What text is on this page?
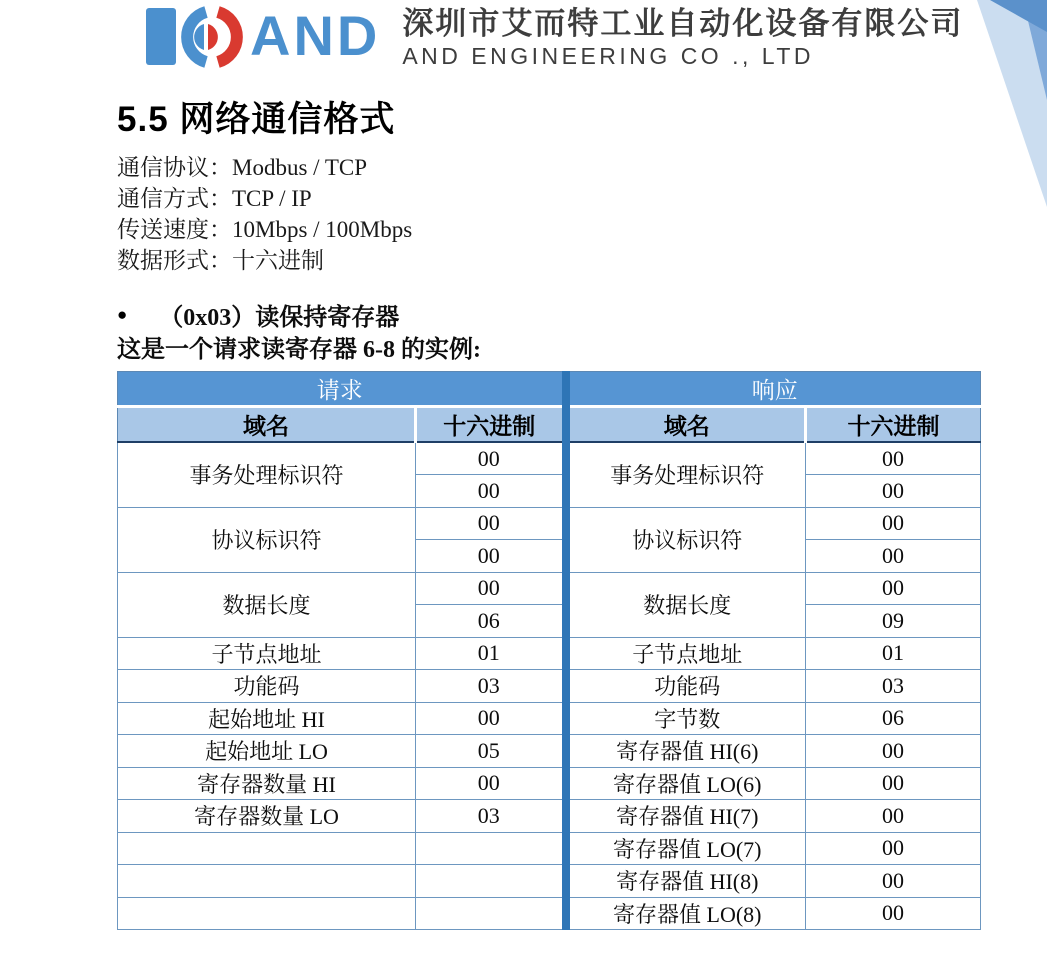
AND 深圳市艾而特工业自动化设备有限公司
AND ENGINEERING CO ., LTD
5.5 网络通信格式
通信协议：Modbus / TCP
通信方式：TCP / IP
传送速度：10Mbps / 100Mbps
数据形式：十六进制
● （0x03）读保持寄存器
这是一个请求读寄存器 6-8 的实例:
请求		响应	
域名	十六进制	域名	十六进制
事务处理标识符	00	事务处理标识符	00
	00		00
协议标识符	00	协议标识符	00
	00		00
数据长度	00	数据长度	00
	06		09
子节点地址	01	子节点地址	01
功能码	03	功能码	03
起始地址 HI	00	字节数	06
起始地址 LO	05	寄存器值 HI(6)	00
寄存器数量 HI	00	寄存器值 LO(6)	00
寄存器数量 LO	03	寄存器值 HI(7)	00
		寄存器值 LO(7)	00
		寄存器值 HI(8)	00
		寄存器值 LO(8)	00
